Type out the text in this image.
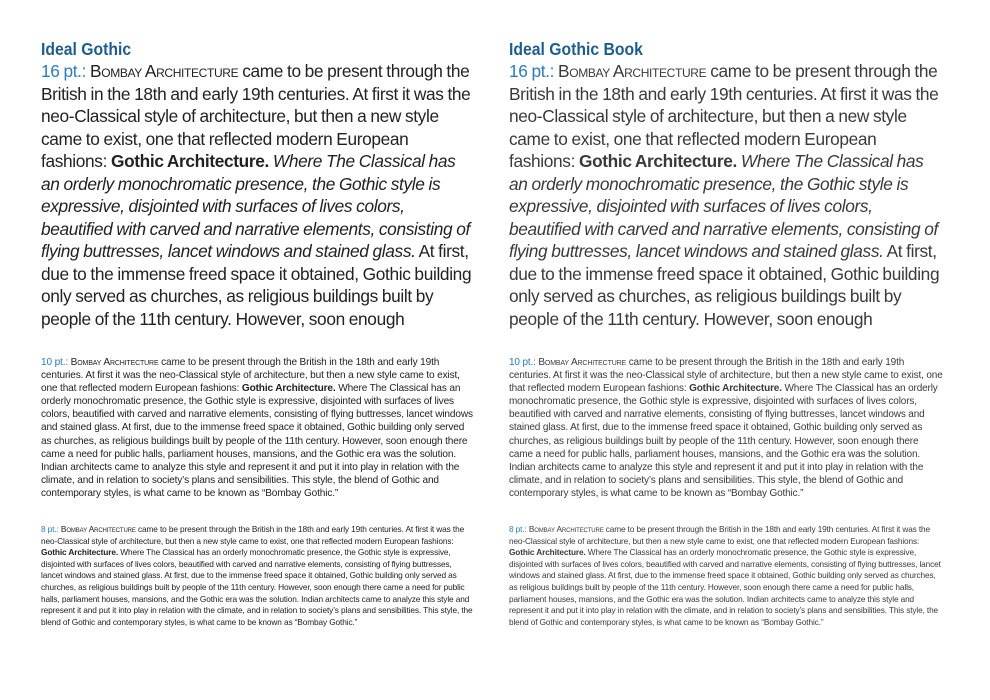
Ideal Gothic

16 pt.: Bombay Architecture came to be present through the British in the 18th and early 19th centuries. At first it was the neo-Classical style of architecture, but then a new style came to exist, one that reflected modern European fashions: Gothic Architecture. Where The Classical has an orderly monochromatic presence, the Gothic style is expressive, disjointed with surfaces of lives colors, beautified with carved and narrative elements, consisting of flying buttresses, lancet windows and stained glass. At first, due to the immense freed space it obtained, Gothic building only served as churches, as religious buildings built by people of the 11th century. However, soon enough

10 pt.: Bombay Architecture came to be present through the British in the 18th and early 19th centuries. At first it was the neo-Classical style of architecture, but then a new style came to exist, one that reflected modern European fashions: Gothic Architecture. Where The Classical has an orderly monochromatic presence, the Gothic style is expressive, disjointed with surfaces of lives colors, beautified with carved and narrative elements, consisting of flying buttresses, lancet windows and stained glass. At first, due to the immense freed space it obtained, Gothic building only served as churches, as religious buildings built by people of the 11th century. However, soon enough there came a need for public halls, parliament houses, mansions, and the Gothic era was the solution. Indian architects came to analyze this style and represent it and put it into play in relation with the climate, and in relation to society’s plans and sensibilities. This style, the blend of Gothic and contemporary styles, is what came to be known as “Bombay Gothic.”

8 pt.: Bombay Architecture came to be present through the British in the 18th and early 19th centuries. At first it was the neo-Classical style of architecture, but then a new style came to exist, one that reflected modern European fashions: Gothic Architecture. Where The Classical has an orderly monochromatic presence, the Gothic style is expressive, disjointed with surfaces of lives colors, beautified with carved and narrative elements, consisting of flying buttresses, lancet windows and stained glass. At first, due to the immense freed space it obtained, Gothic building only served as churches, as religious buildings built by people of the 11th century. However, soon enough there came a need for public halls, parliament houses, mansions, and the Gothic era was the solution. Indian architects came to analyze this style and represent it and put it into play in relation with the climate, and in relation to society’s plans and sensibilities. This style, the blend of Gothic and contemporary styles, is what came to be known as “Bombay Gothic.”

Ideal Gothic Book

16 pt.: Bombay Architecture came to be present through the British in the 18th and early 19th centuries. At first it was the neo-Classical style of architecture, but then a new style came to exist, one that reflected modern European fashions: Gothic Architecture. Where The Classical has an orderly monochromatic presence, the Gothic style is expressive, disjointed with surfaces of lives colors, beautified with carved and narrative elements, consisting of flying buttresses, lancet windows and stained glass. At first, due to the immense freed space it obtained, Gothic building only served as churches, as religious buildings built by people of the 11th century. However, soon enough

10 pt.: Bombay Architecture came to be present through the British in the 18th and early 19th centuries. At first it was the neo-Classical style of architecture, but then a new style came to exist, one that reflected modern European fashions: Gothic Architecture. Where The Classical has an orderly monochromatic presence, the Gothic style is expressive, disjointed with surfaces of lives colors, beautified with carved and narrative elements, consisting of flying buttresses, lancet windows and stained glass. At first, due to the immense freed space it obtained, Gothic building only served as churches, as religious buildings built by people of the 11th century. However, soon enough there came a need for public halls, parliament houses, mansions, and the Gothic era was the solution. Indian architects came to analyze this style and represent it and put it into play in relation with the climate, and in relation to society’s plans and sensibilities. This style, the blend of Gothic and contemporary styles, is what came to be known as “Bombay Gothic.”

8 pt.: Bombay Architecture came to be present through the British in the 18th and early 19th centuries. At first it was the neo-Classical style of architecture, but then a new style came to exist, one that reflected modern European fashions: Gothic Architecture. Where The Classical has an orderly monochromatic presence, the Gothic style is expressive, disjointed with surfaces of lives colors, beautified with carved and narrative elements, consisting of flying buttresses, lancet windows and stained glass. At first, due to the immense freed space it obtained, Gothic building only served as churches, as religious buildings built by people of the 11th century. However, soon enough there came a need for public halls, parliament houses, mansions, and the Gothic era was the solution. Indian architects came to analyze this style and represent it and put it into play in relation with the climate, and in relation to society’s plans and sensibilities. This style, the blend of Gothic and contemporary styles, is what came to be known as “Bombay Gothic.”
